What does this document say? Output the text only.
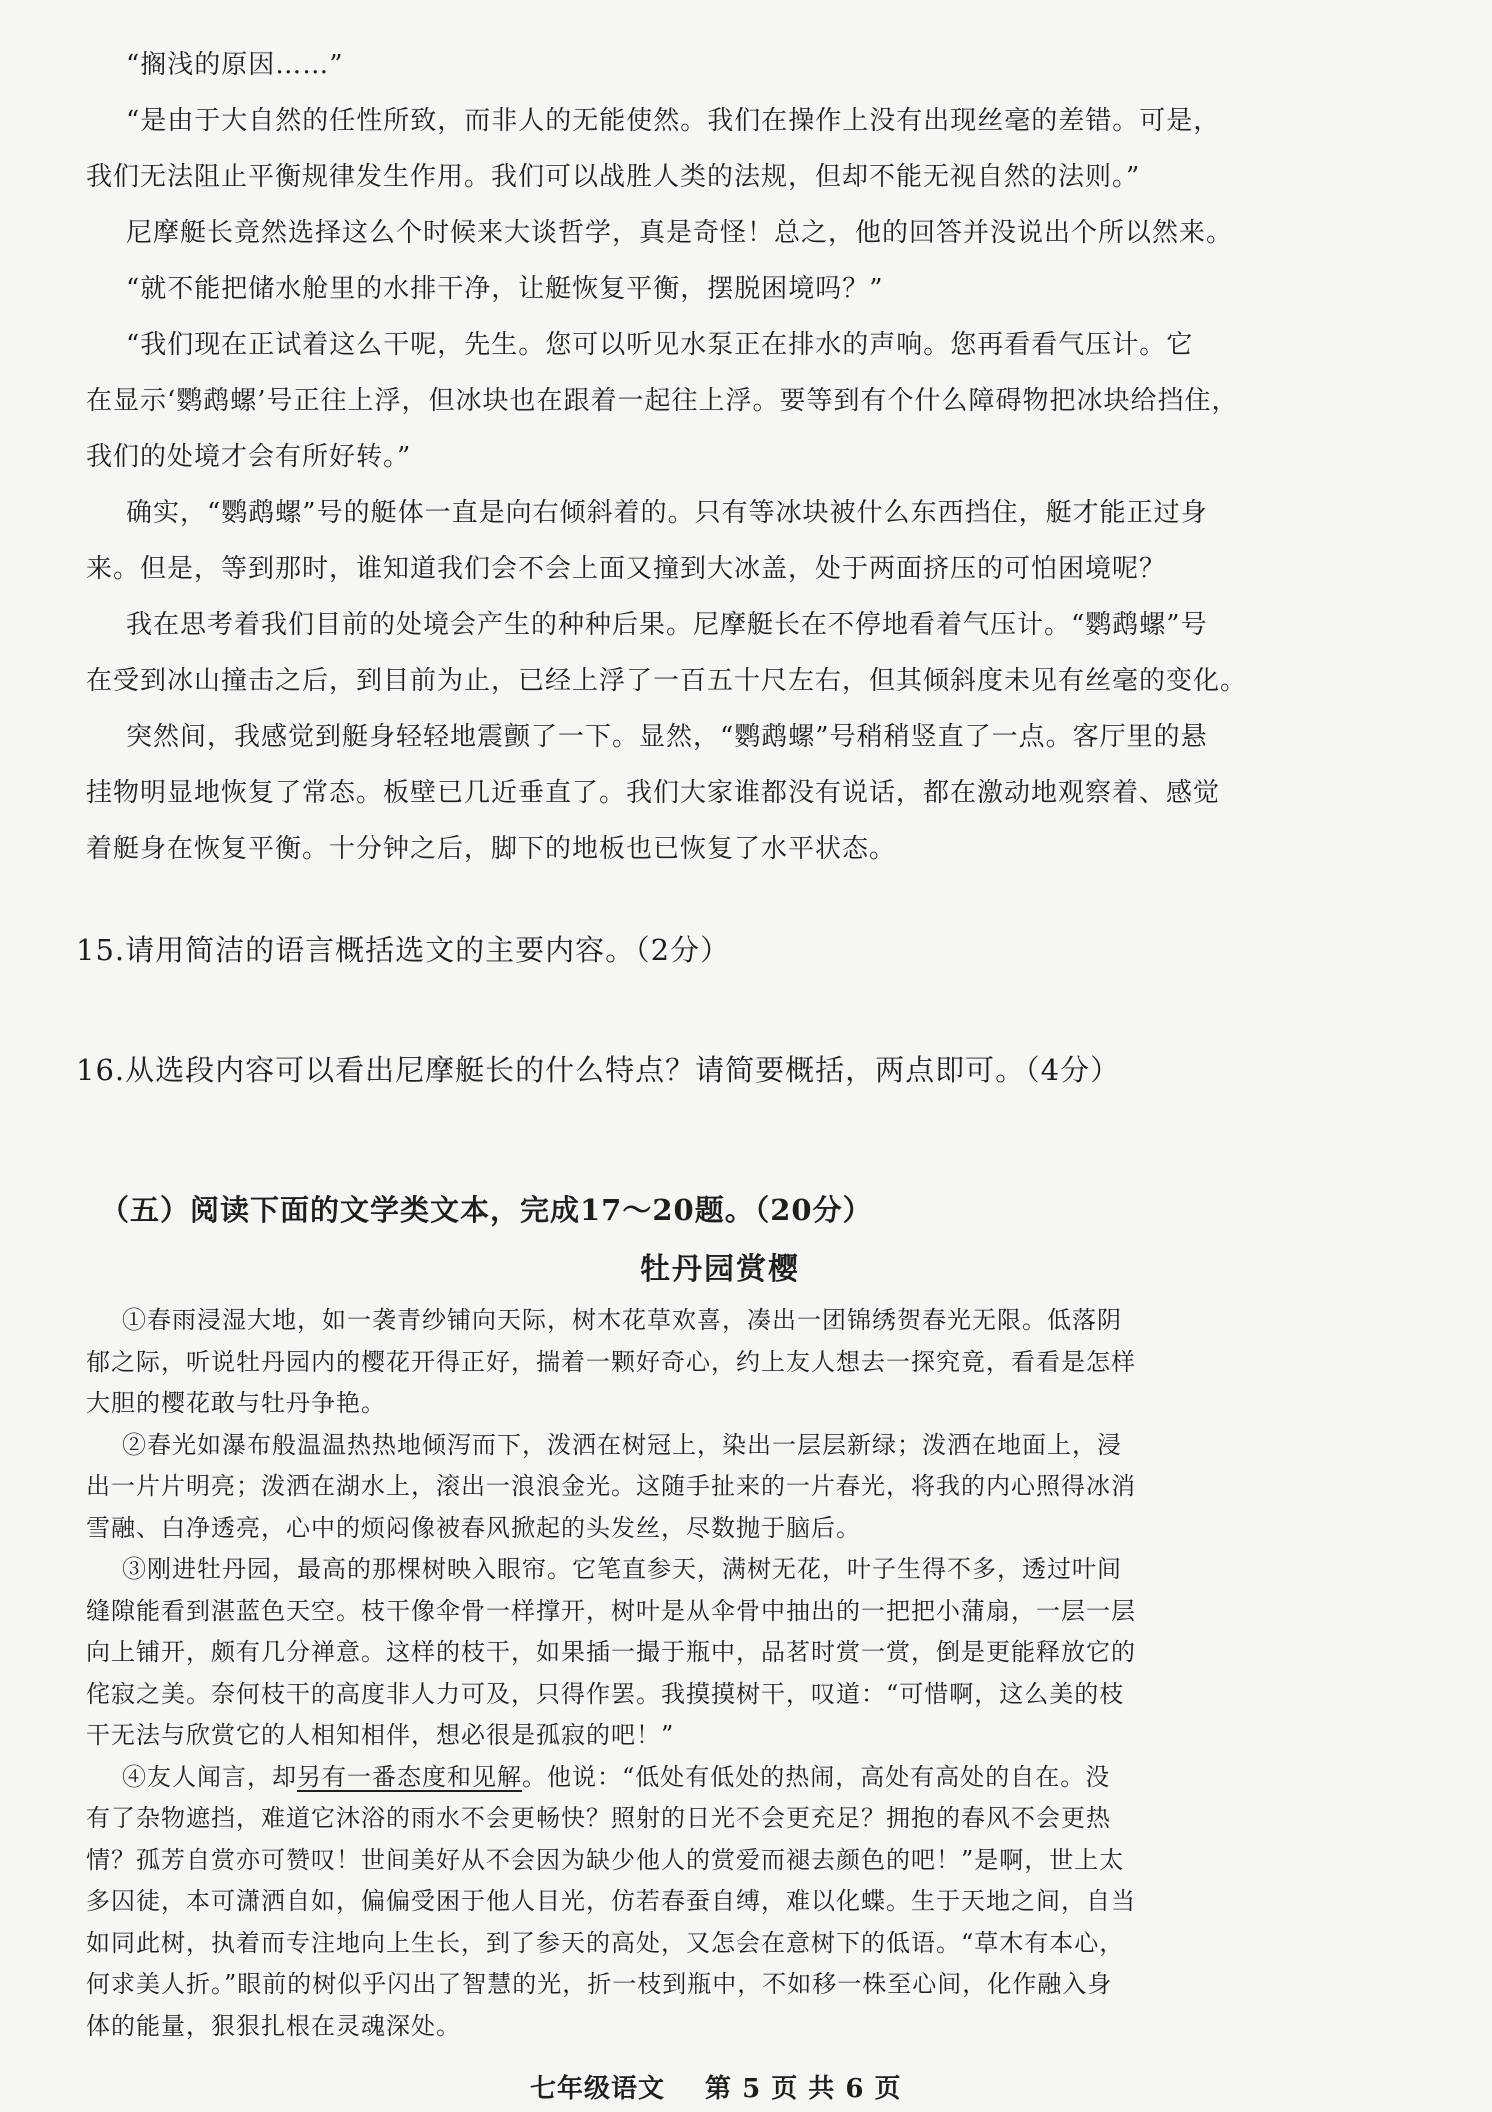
“搁浅的原因……”
“是由于大自然的任性所致，而非人的无能使然。我们在操作上没有出现丝毫的差错。可是，
我们无法阻止平衡规律发生作用。我们可以战胜人类的法规，但却不能无视自然的法则。”
尼摩艇长竟然选择这么个时候来大谈哲学，真是奇怪！总之，他的回答并没说出个所以然来。
“就不能把储水舱里的水排干净，让艇恢复平衡，摆脱困境吗？”
“我们现在正试着这么干呢，先生。您可以听见水泵正在排水的声响。您再看看气压计。它
在显示‘鹦鹉螺’号正往上浮，但冰块也在跟着一起往上浮。要等到有个什么障碍物把冰块给挡住，
我们的处境才会有所好转。”
确实，“鹦鹉螺”号的艇体一直是向右倾斜着的。只有等冰块被什么东西挡住，艇才能正过身
来。但是，等到那时，谁知道我们会不会上面又撞到大冰盖，处于两面挤压的可怕困境呢？
我在思考着我们目前的处境会产生的种种后果。尼摩艇长在不停地看着气压计。“鹦鹉螺”号
在受到冰山撞击之后，到目前为止，已经上浮了一百五十尺左右，但其倾斜度未见有丝毫的变化。
突然间，我感觉到艇身轻轻地震颤了一下。显然，“鹦鹉螺”号稍稍竖直了一点。客厅里的悬
挂物明显地恢复了常态。板壁已几近垂直了。我们大家谁都没有说话，都在激动地观察着、感觉
着艇身在恢复平衡。十分钟之后，脚下的地板也已恢复了水平状态。
15.请用简洁的语言概括选文的主要内容。（2分）
16.从选段内容可以看出尼摩艇长的什么特点？请简要概括，两点即可。（4分）
（五）阅读下面的文学类文本，完成17～20题。（20分）
牡丹园赏樱
①春雨浸湿大地，如一袭青纱铺向天际，树木花草欢喜，凑出一团锦绣贺春光无限。低落阴
郁之际，听说牡丹园内的樱花开得正好，揣着一颗好奇心，约上友人想去一探究竟，看看是怎样
大胆的樱花敢与牡丹争艳。
②春光如瀑布般温温热热地倾泻而下，泼洒在树冠上，染出一层层新绿；泼洒在地面上，浸
出一片片明亮；泼洒在湖水上，滚出一浪浪金光。这随手扯来的一片春光，将我的内心照得冰消
雪融、白净透亮，心中的烦闷像被春风掀起的头发丝，尽数抛于脑后。
③刚进牡丹园，最高的那棵树映入眼帘。它笔直参天，满树无花，叶子生得不多，透过叶间
缝隙能看到湛蓝色天空。枝干像伞骨一样撑开，树叶是从伞骨中抽出的一把把小蒲扇，一层一层
向上铺开，颇有几分禅意。这样的枝干，如果插一撮于瓶中，品茗时赏一赏，倒是更能释放它的
侘寂之美。奈何枝干的高度非人力可及，只得作罢。我摸摸树干，叹道：“可惜啊，这么美的枝
干无法与欣赏它的人相知相伴，想必很是孤寂的吧！”
七年级语文 第 5 页 共 6 页
④友人闻言，却另有一番态度和见解。他说：“低处有低处的热闹，高处有高处的自在。没
有了杂物遮挡，难道它沐浴的雨水不会更畅快？照射的日光不会更充足？拥抱的春风不会更热
情？孤芳自赏亦可赞叹！世间美好从不会因为缺少他人的赏爱而褪去颜色的吧！”是啊，世上太
多囚徒，本可潇洒自如，偏偏受困于他人目光，仿若春蚕自缚，难以化蝶。生于天地之间，自当
如同此树，执着而专注地向上生长，到了参天的高处，又怎会在意树下的低语。“草木有本心，
何求美人折。”眼前的树似乎闪出了智慧的光，折一枝到瓶中，不如移一株至心间，化作融入身
体的能量，狠狠扎根在灵魂深处。
